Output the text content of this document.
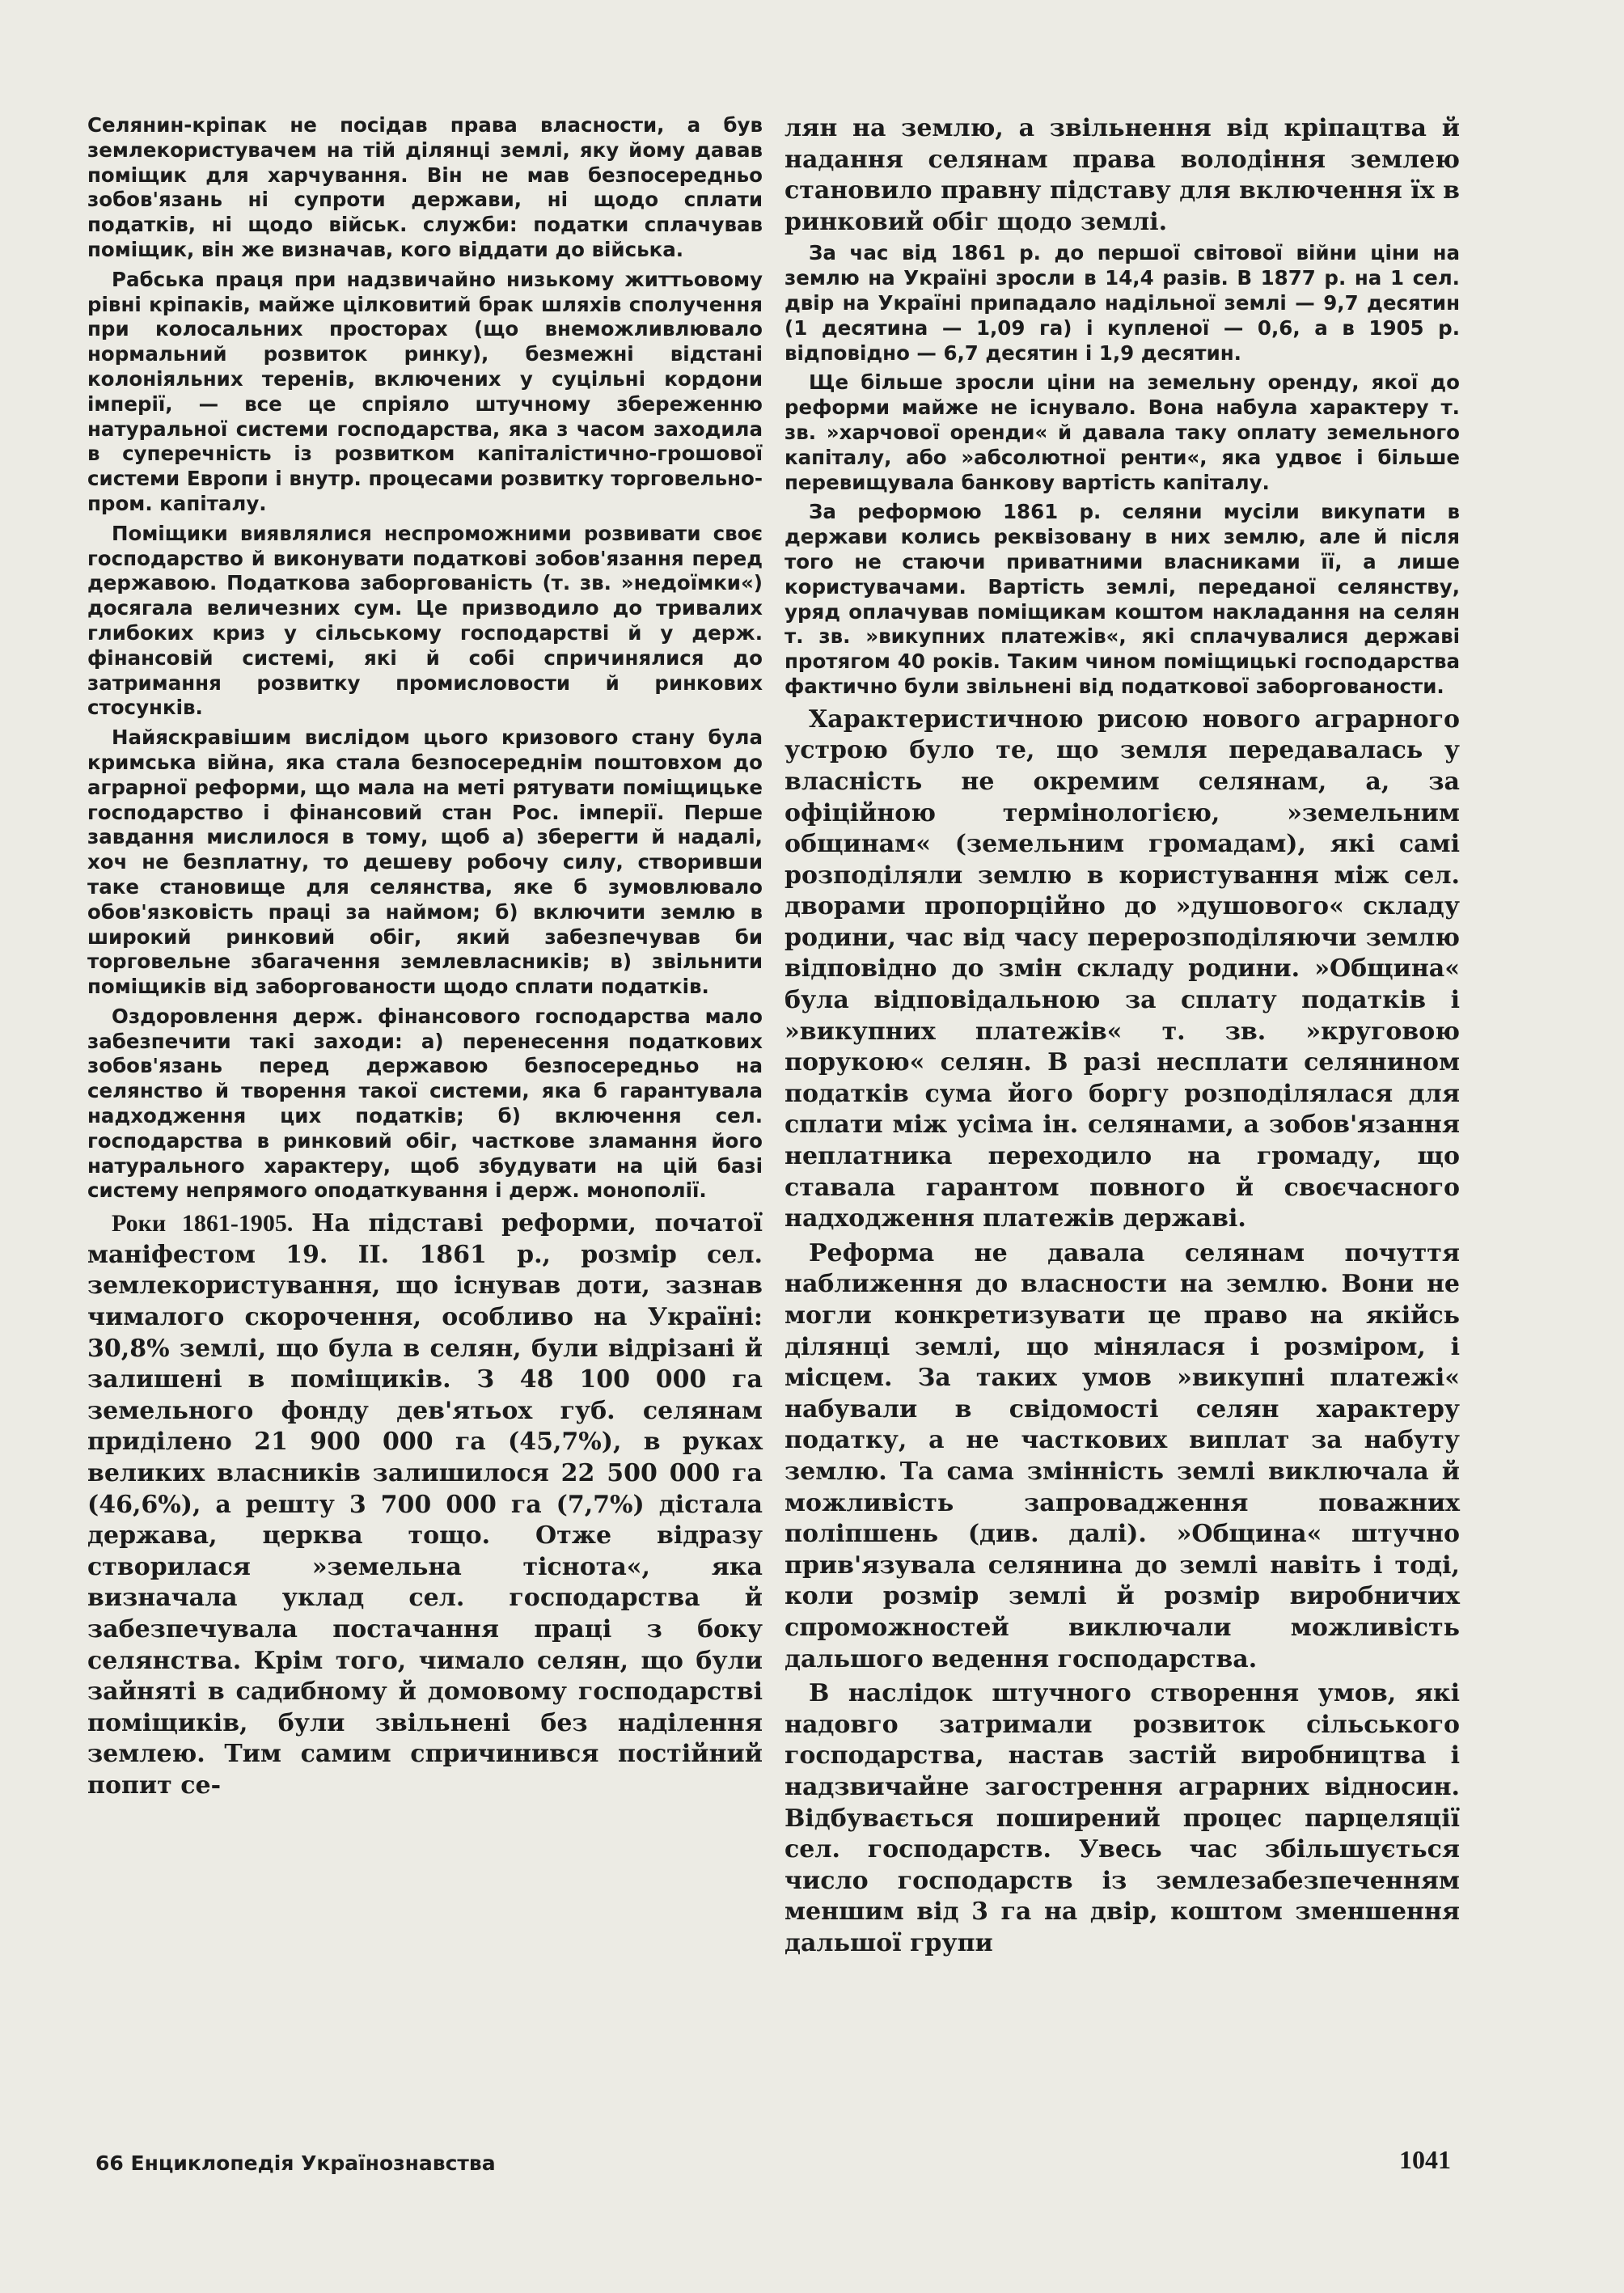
Селянин-кріпак не посідав права власности, а був землекористувачем на тій ділянці землі, яку йому давав поміщик для харчування. Він не мав безпосередньо зобов'язань ні супроти держави, ні щодо сплати податків, ні щодо військ. служби: податки сплачував поміщик, він же визначав, кого віддати до війська.

Рабська праця при надзвичайно низькому життьовому рівні кріпаків, майже цілковитий брак шляхів сполучення при колосальних просторах (що внеможливлювало нормальний розвиток ринку), безмежні відстані колоніяльних теренів, включених у суцільні кордони імперії, — все це спріяло штучному збереженню натуральної системи господарства, яка з часом заходила в суперечність із розвитком капіталістично-грошової системи Европи і внутр. процесами розвитку торговельно-пром. капіталу.

Поміщики виявлялися неспроможними розвивати своє господарство й виконувати податкові зобов'язання перед державою. Податкова заборгованість (т. зв. »недоїмки«) досягала величезних сум. Це призводило до тривалих глибоких криз у сільському господарстві й у держ. фінансовій системі, які й собі спричинялися до затримання розвитку промисловости й ринкових стосунків.

Найяскравішим вислідом цього кризового стану була кримська війна, яка стала безпосереднім поштовхом до аграрної реформи, що мала на меті рятувати поміщицьке господарство і фінансовий стан Рос. імперії. Перше завдання мислилося в тому, щоб а) зберегти й надалі, хоч не безплатну, то дешеву робочу силу, створивши таке становище для селянства, яке б зумовлювало обов'язковість праці за наймом; б) включити землю в широкий ринковий обіг, який забезпечував би торговельне збагачення землевласників; в) звільнити поміщиків від заборгованости щодо сплати податків.

Оздоровлення держ. фінансового господарства мало забезпечити такі заходи: а) перенесення податкових зобов'язань перед державою безпосередньо на селянство й творення такої системи, яка б гарантувала надходження цих податків; б) включення сел. господарства в ринковий обіг, часткове зламання його натурального характеру, щоб збудувати на цій базі систему непрямого оподаткування і держ. монополії.

Роки 1861-1905. На підставі реформи, початої маніфестом 19. II. 1861 р., розмір сел. землекористування, що існував доти, зазнав чималого скорочення, особливо на Україні: 30,8% землі, що була в селян, були відрізані й залишені в поміщиків. З 48 100 000 га земельного фонду дев'ятьох губ. селянам приділено 21 900 000 га (45,7%), в руках великих власників залишилося 22 500 000 га (46,6%), а решту 3 700 000 га (7,7%) дістала держава, церква тощо. Отже відразу створилася »земельна тіснота«, яка визначала уклад сел. господарства й забезпечувала постачання праці з боку селянства. Крім того, чимало селян, що були зайняті в садибному й домовому господарстві поміщиків, були звільнені без наділення землею. Тим самим спричинився постійний попит се-

лян на землю, а звільнення від кріпацтва й надання селянам права володіння землею становило правну підставу для включення їх в ринковий обіг щодо землі.

За час від 1861 р. до першої світової війни ціни на землю на Україні зросли в 14,4 разів. В 1877 р. на 1 сел. двір на Україні припадало надільної землі — 9,7 десятин (1 десятина — 1,09 га) і купленої — 0,6, а в 1905 р. відповідно — 6,7 десятин і 1,9 десятин.

Ще більше зросли ціни на земельну оренду, якої до реформи майже не існувало. Вона набула характеру т. зв. »харчової оренди« й давала таку оплату земельного капіталу, або »абсолютної ренти«, яка удвоє і більше перевищувала банкову вартість капіталу.

За реформою 1861 р. селяни мусіли викупати в держави колись реквізовану в них землю, але й після того не стаючи приватними власниками її, а лише користувачами. Вартість землі, переданої селянству, уряд оплачував поміщикам коштом накладання на селян т. зв. »викупних платежів«, які сплачувалися державі протягом 40 років. Таким чином поміщицькі господарства фактично були звільнені від податкової заборгованости.

Характеристичною рисою нового аграрного устрою було те, що земля передавалась у власність не окремим селянам, а, за офіційною термінологією, »земельним общинам« (земельним громадам), які самі розподіляли землю в користування між сел. дворами пропорційно до »душового« складу родини, час від часу перерозподіляючи землю відповідно до змін складу родини. »Община« була відповідальною за сплату податків і »викупних платежів« т. зв. »круговою порукою« селян. В разі несплати селянином податків сума його боргу розподілялася для сплати між усіма ін. селянами, а зобов'язання неплатника переходило на громаду, що ставала гарантом повного й своєчасного надходження платежів державі.

Реформа не давала селянам почуття наближення до власности на землю. Вони не могли конкретизувати це право на якійсь ділянці землі, що мінялася і розміром, і місцем. За таких умов »викупні платежі« набували в свідомості селян характеру податку, а не часткових виплат за набуту землю. Та сама змінність землі виключала й можливість запровадження поважних поліпшень (див. далі). »Община« штучно прив'язувала селянина до землі навіть і тоді, коли розмір землі й розмір виробничих спроможностей виключали можливість дальшого ведення господарства.

В наслідок штучного створення умов, які надовго затримали розвиток сільського господарства, настав застій виробництва і надзвичайне загострення аграрних відносин. Відбувається поширений процес парцеляції сел. господарств. Увесь час збільшується число господарств із землезабезпеченням меншим від 3 га на двір, коштом зменшення дальшої групи

66 Енциклопедія Українознавства	1041
